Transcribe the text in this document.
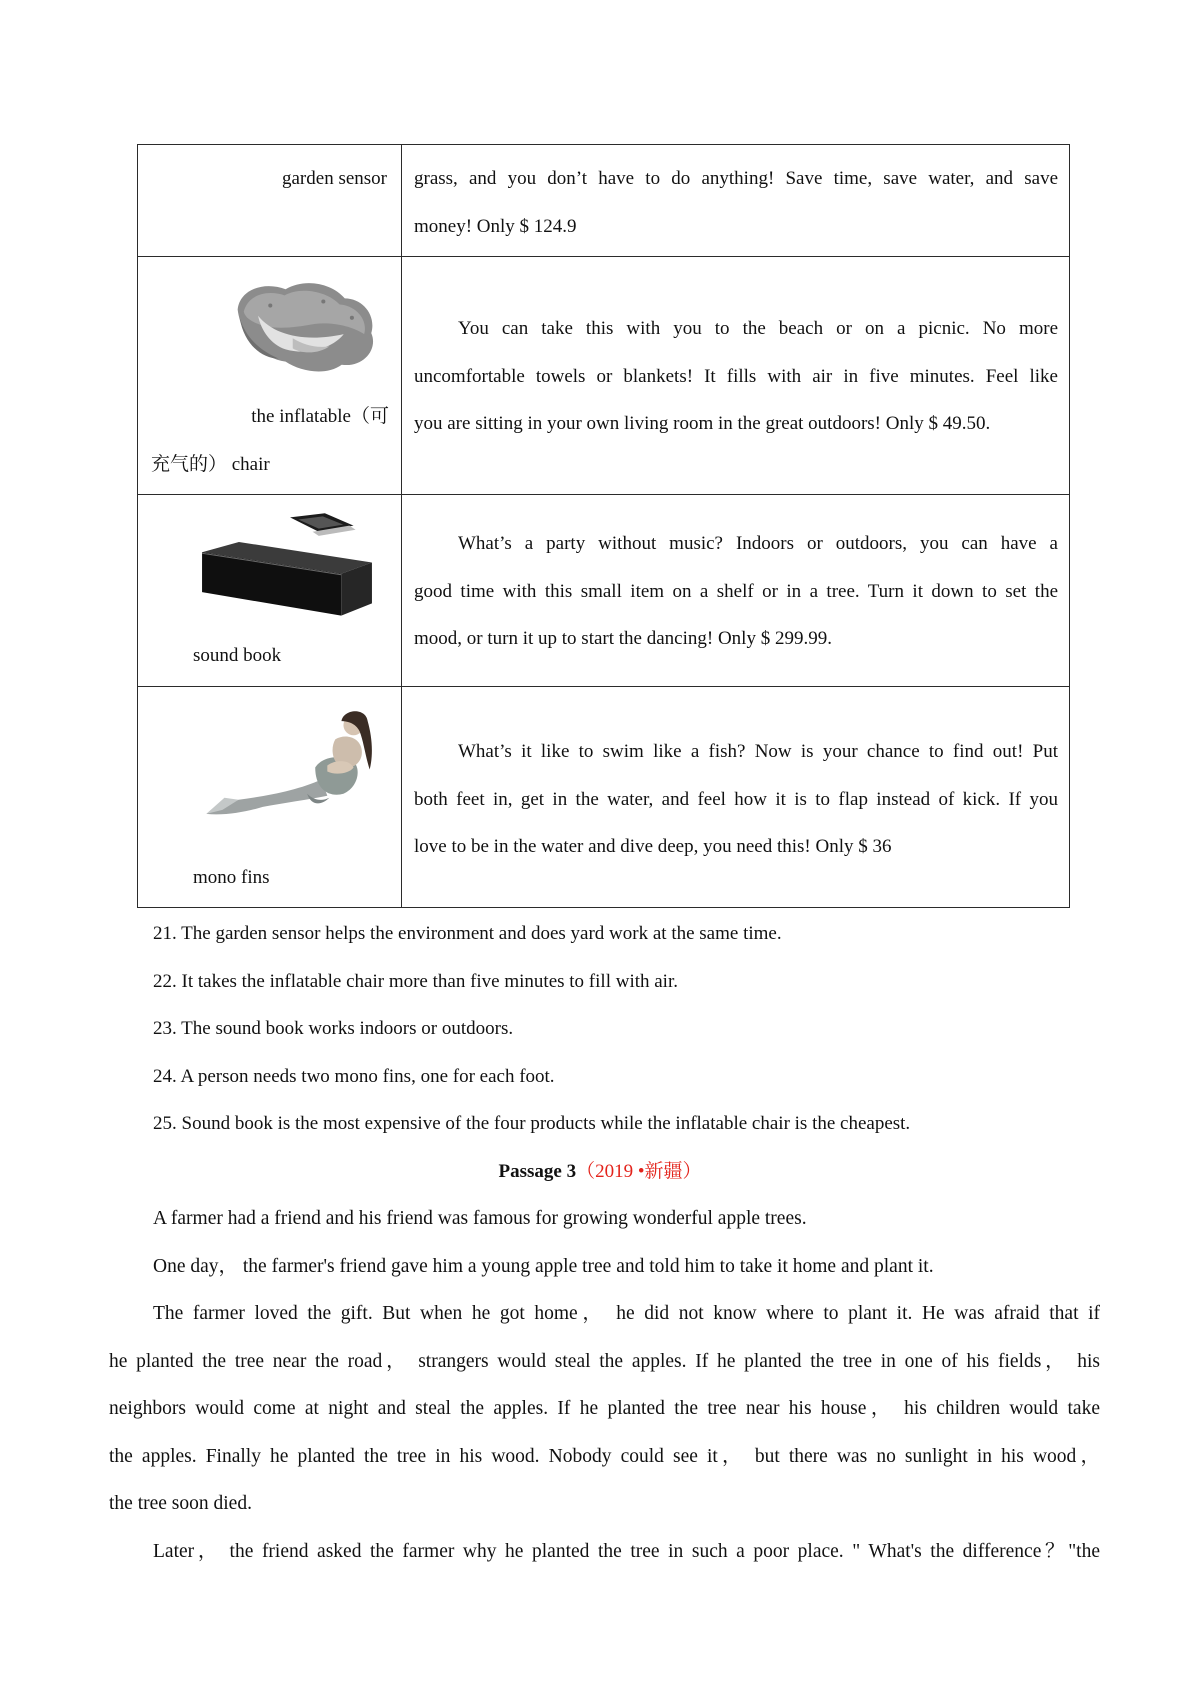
garden sensor grass, and you don’t have to do anything! Save time, save water, and save
money! Only $ 124.9
the inflatable（可
充气的） chair
You can take this with you to the beach or on a picnic. No more
uncomfortable towels or blankets! It fills with air in five minutes. Feel like
you are sitting in your own living room in the great outdoors! Only $ 49.50.
sound book
What’s a party without music? Indoors or outdoors, you can have a
good time with this small item on a shelf or in a tree. Turn it down to set the
mood, or turn it up to start the dancing! Only $ 299.99.
mono fins
What’s it like to swim like a fish? Now is your chance to find out! Put
both feet in, get in the water, and feel how it is to flap instead of kick. If you
love to be in the water and dive deep, you need this! Only $ 36
21. The garden sensor helps the environment and does yard work at the same time.
22. It takes the inflatable chair more than five minutes to fill with air.
23. The sound book works indoors or outdoors.
24. A person needs two mono fins, one for each foot.
25. Sound book is the most expensive of the four products while the inflatable chair is the cheapest.
Passage 3（2019 •新疆）
A farmer had a friend and his friend was famous for growing wonderful apple trees.
One day， the farmer's friend gave him a young apple tree and told him to take it home and plant it.
The farmer loved the gift. But when he got home， he did not know where to plant it. He was afraid that if
he planted the tree near the road， strangers would steal the apples. If he planted the tree in one of his fields， his
neighbors would come at night and steal the apples. If he planted the tree near his house， his children would take
the apples. Finally he planted the tree in his wood. Nobody could see it， but there was no sunlight in his wood，
the tree soon died.
Later， the friend asked the farmer why he planted the tree in such a poor place. " What's the difference？"the
